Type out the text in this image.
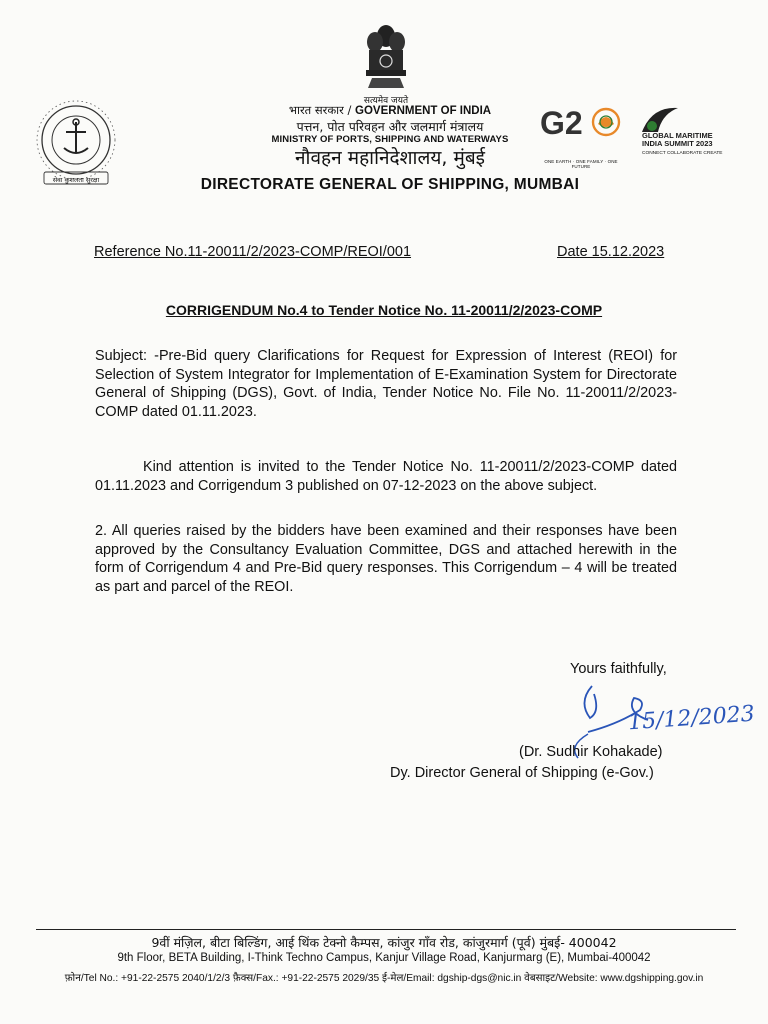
सत्यमेव जयते
सेवा कुशलता सुरक्षा
भारत सरकार / GOVERNMENT OF INDIA
पत्तन, पोत परिवहन और जलमार्ग मंत्रालय
MINISTRY OF PORTS, SHIPPING AND WATERWAYS
नौवहन महानिदेशालय, मुंबई
DIRECTORATE GENERAL OF SHIPPING, MUMBAI
G2
ONE EARTH · ONE FAMILY · ONE FUTURE
GLOBAL MARITIME
INDIA SUMMIT 2023
CONNECT COLLABORATE CREATE
Reference No.11-20011/2/2023-COMP/REOI/001	Date 15.12.2023
CORRIGENDUM No.4 to Tender Notice No. 11-20011/2/2023-COMP
Subject: -Pre-Bid query Clarifications for Request for Expression of Interest (REOI) for Selection of System Integrator for Implementation of E-Examination System for Directorate General of Shipping (DGS), Govt. of India, Tender Notice No. File No. 11-20011/2/2023-COMP dated 01.11.2023.
Kind attention is invited to the Tender Notice No. 11-20011/2/2023-COMP dated 01.11.2023 and Corrigendum 3 published on 07-12-2023 on the above subject.
2. All queries raised by the bidders have been examined and their responses have been approved by the Consultancy Evaluation Committee, DGS and attached herewith in the form of Corrigendum 4 and Pre-Bid query responses. This Corrigendum – 4 will be treated as part and parcel of the REOI.
Yours faithfully,
15/12/2023
(Dr. Sudhir Kohakade)
Dy. Director General of Shipping (e-Gov.)
9वीं मंज़िल, बीटा बिल्डिंग, आई थिंक टेक्नो कैम्पस, कांजुर गाँव रोड, कांजुरमार्ग (पूर्व) मुंबई- 400042
9th Floor, BETA Building, I-Think Techno Campus, Kanjur Village Road, Kanjurmarg (E), Mumbai-400042
फ़ोन/Tel No.: +91-22-2575 2040/1/2/3 फ़ैक्स/Fax.: +91-22-2575 2029/35 ई-मेल/Email: dgship-dgs@nic.in वेबसाइट/Website: www.dgshipping.gov.in
